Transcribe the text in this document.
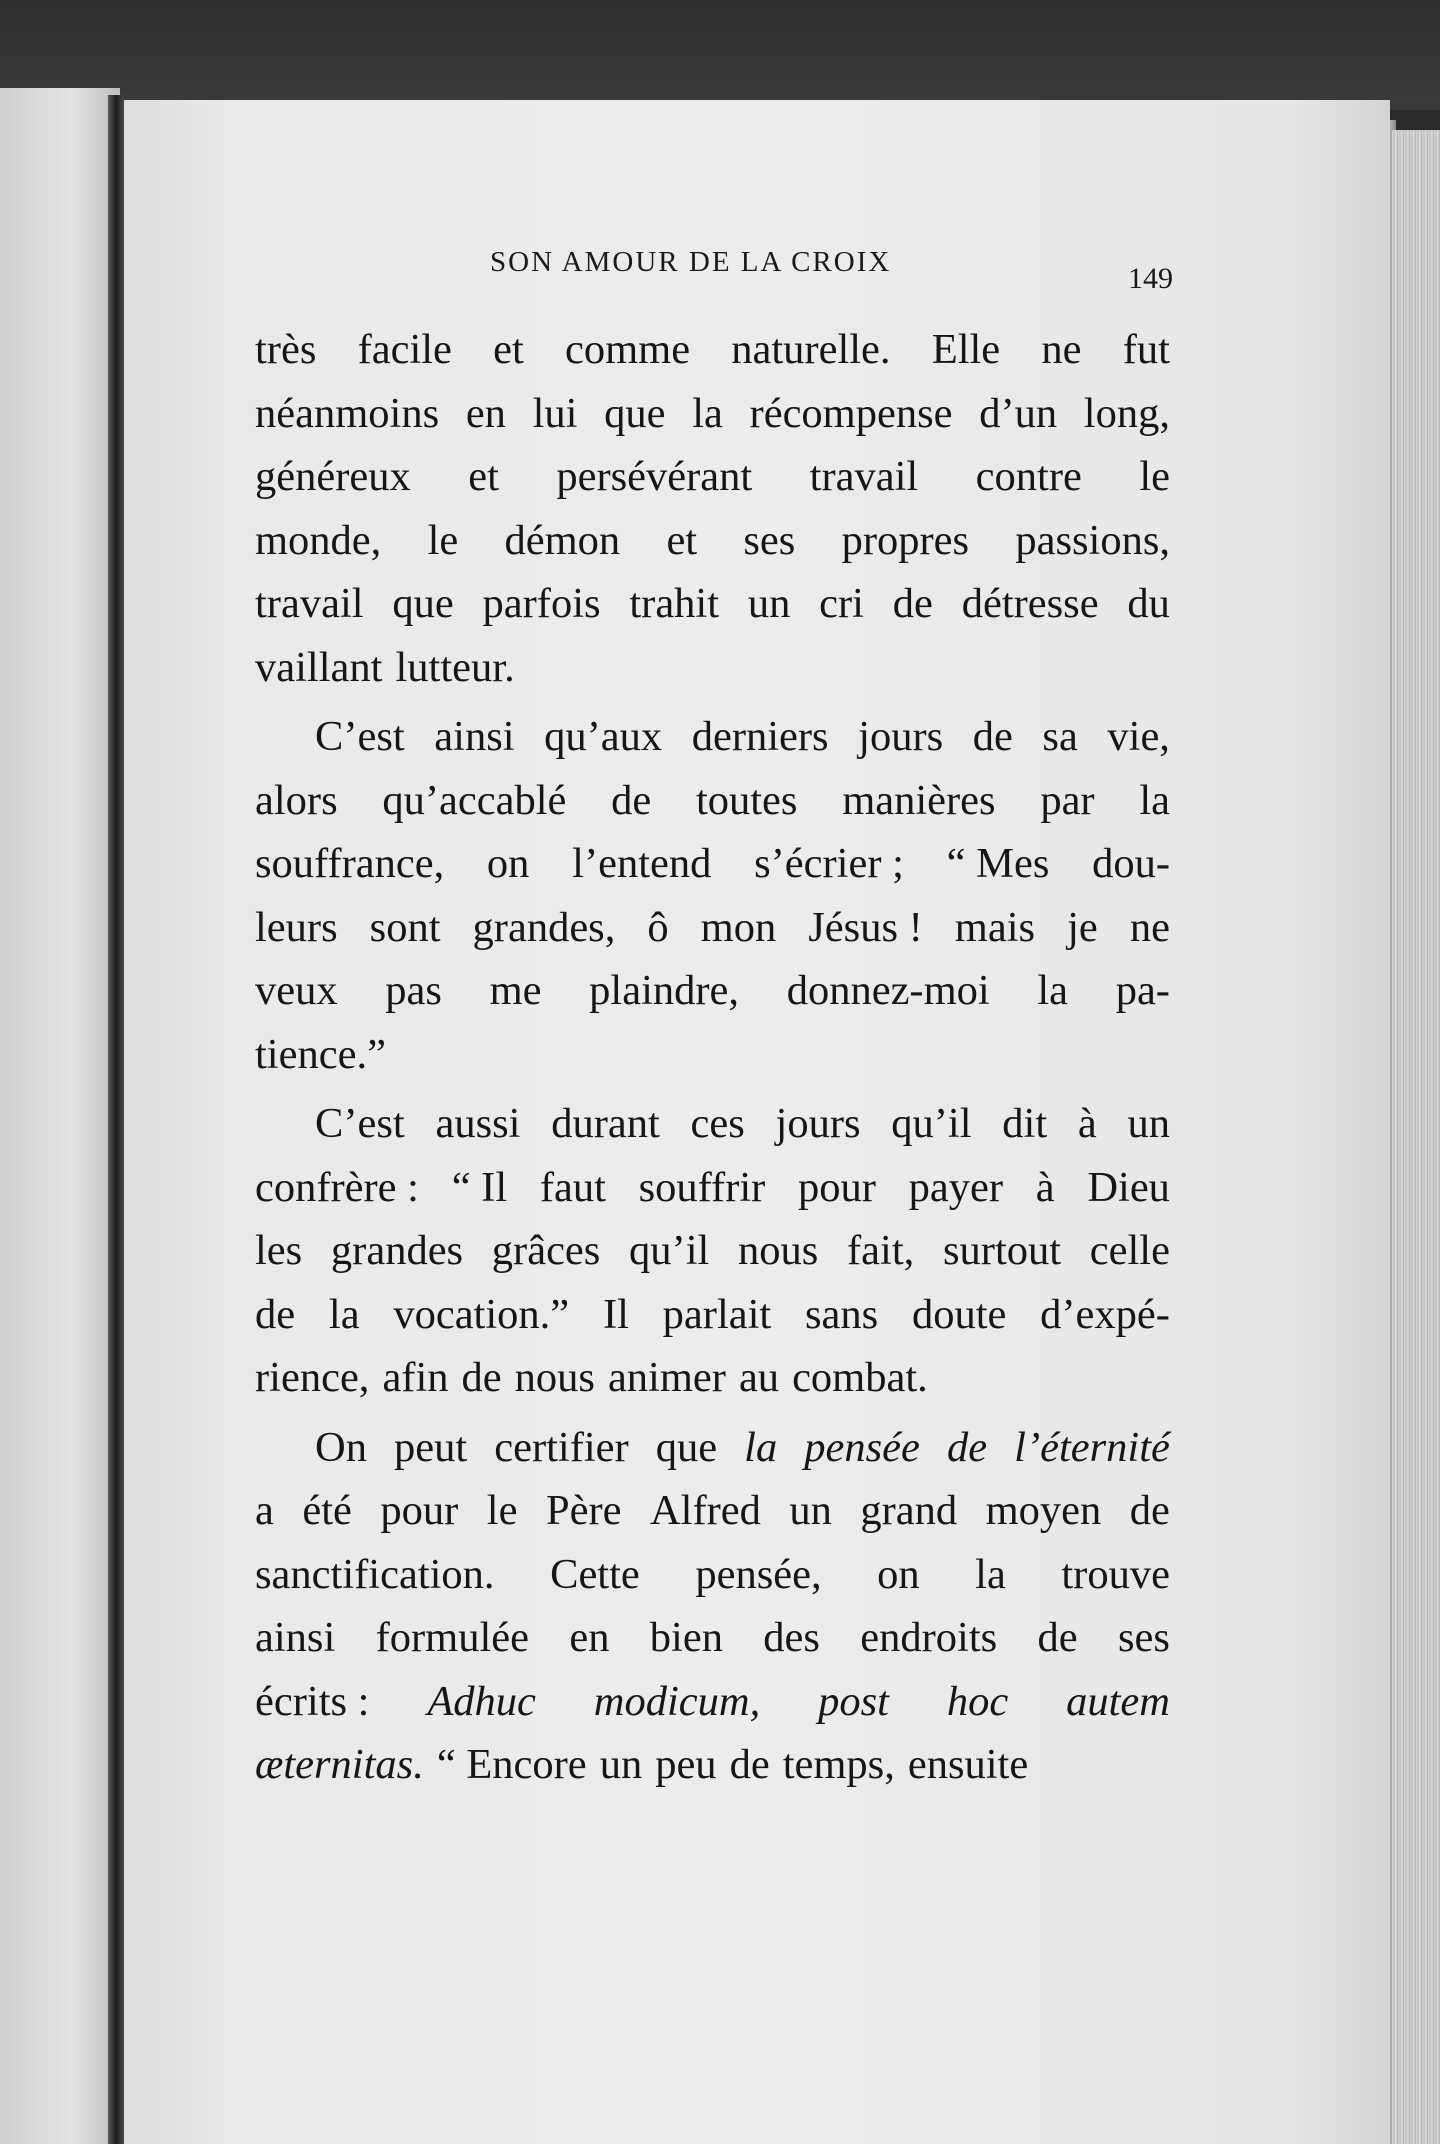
SON AMOUR DE LA CROIX	149
très facile et comme naturelle. Elle ne fut
néanmoins en lui que la récompense d’un long,
généreux et persévérant travail contre le
monde, le démon et ses propres passions,
travail que parfois trahit un cri de détresse du
vaillant lutteur.
C’est ainsi qu’aux derniers jours de sa vie,
alors qu’accablé de toutes manières par la
souffrance, on l’entend s’écrier ; “ Mes dou-
leurs sont grandes, ô mon Jésus ! mais je ne
veux pas me plaindre, donnez-moi la pa-
tience.”
C’est aussi durant ces jours qu’il dit à un
confrère : “ Il faut souffrir pour payer à Dieu
les grandes grâces qu’il nous fait, surtout celle
de la vocation.” Il parlait sans doute d’expé-
rience, afin de nous animer au combat.
On peut certifier que la pensée de l’éternité
a été pour le Père Alfred un grand moyen de
sanctification. Cette pensée, on la trouve
ainsi formulée en bien des endroits de ses
écrits : Adhuc modicum, post hoc autem
æternitas. “ Encore un peu de temps, ensuite
